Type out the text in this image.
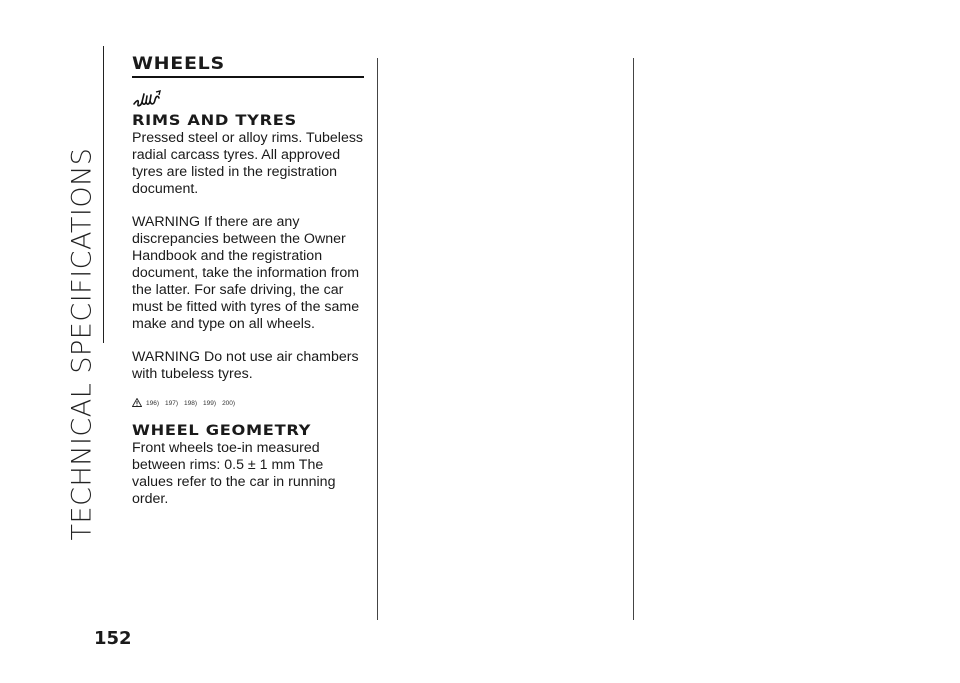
TECHNICAL SPECIFICATIONS
WHEELS
RIMS AND TYRES

Pressed steel or alloy rims. Tubeless radial carcass tyres. All approved tyres are listed in the registration document.

WARNING If there are any discrepancies between the Owner Handbook and the registration document, take the information from the latter. For safe driving, the car must be fitted with tyres of the same make and type on all wheels.

WARNING Do not use air chambers with tubeless tyres.

196) 197) 198) 199) 200)
WHEEL GEOMETRY

Front wheels toe-in measured between rims: 0.5 ± 1 mm The values refer to the car in running order.

152
